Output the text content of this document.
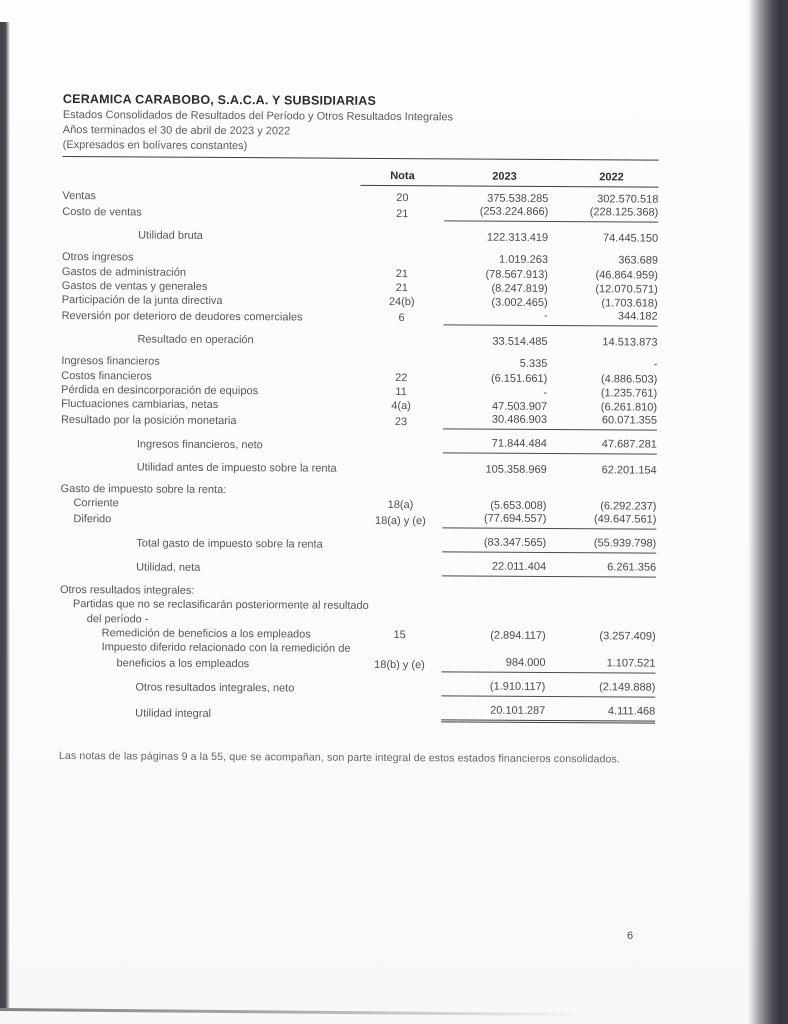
CERAMICA CARABOBO, S.A.C.A. Y SUBSIDIARIAS
Estados Consolidados de Resultados del Período y Otros Resultados Integrales
Años terminados el 30 de abril de 2023 y 2022
(Expresados en bolívares constantes)
Nota	2023	2022
Ventas	20	375.538.285	302.570.518
Costo de ventas	21	(253.224.866)	(228.125.368)
Utilidad bruta	122.313.419	74.445.150
Otros ingresos	1.019.263	363.689
Gastos de administración	21	(78.567.913)	(46.864.959)
Gastos de ventas y generales	21	(8.247.819)	(12.070.571)
Participación de la junta directiva	24(b)	(3.002.465)	(1.703.618)
Reversión por deterioro de deudores comerciales	6	-	344.182
Resultado en operación	33.514.485	14.513.873
Ingresos financieros	5.335	-
Costos financieros	22	(6.151.661)	(4.886.503)
Pérdida en desincorporación de equipos	11	-	(1.235.761)
Fluctuaciones cambiarias, netas	4(a)	47.503.907	(6.261.810)
Resultado por la posición monetaria	23	30.486.903	60.071.355
Ingresos financieros, neto	71.844.484	47.687.281
Utilidad antes de impuesto sobre la renta	105.358.969	62.201.154
Gasto de impuesto sobre la renta:
Corriente	18(a)	(5.653.008)	(6.292.237)
Diferido	18(a) y (e)	(77.694.557)	(49.647.561)
Total gasto de impuesto sobre la renta	(83.347.565)	(55.939.798)
Utilidad, neta	22.011.404	6.261.356
Otros resultados integrales:
Partidas que no se reclasificarán posteriormente al resultado
del período -
Remedición de beneficios a los empleados	15	(2.894.117)	(3.257.409)
Impuesto diferido relacionado con la remedición de
beneficios a los empleados	18(b) y (e)	984.000	1.107.521
Otros resultados integrales, neto	(1.910.117)	(2.149.888)
Utilidad integral	20.101.287	4.111.468
Las notas de las páginas 9 a la 55, que se acompañan, son parte integral de estos estados financieros consolidados.
6
